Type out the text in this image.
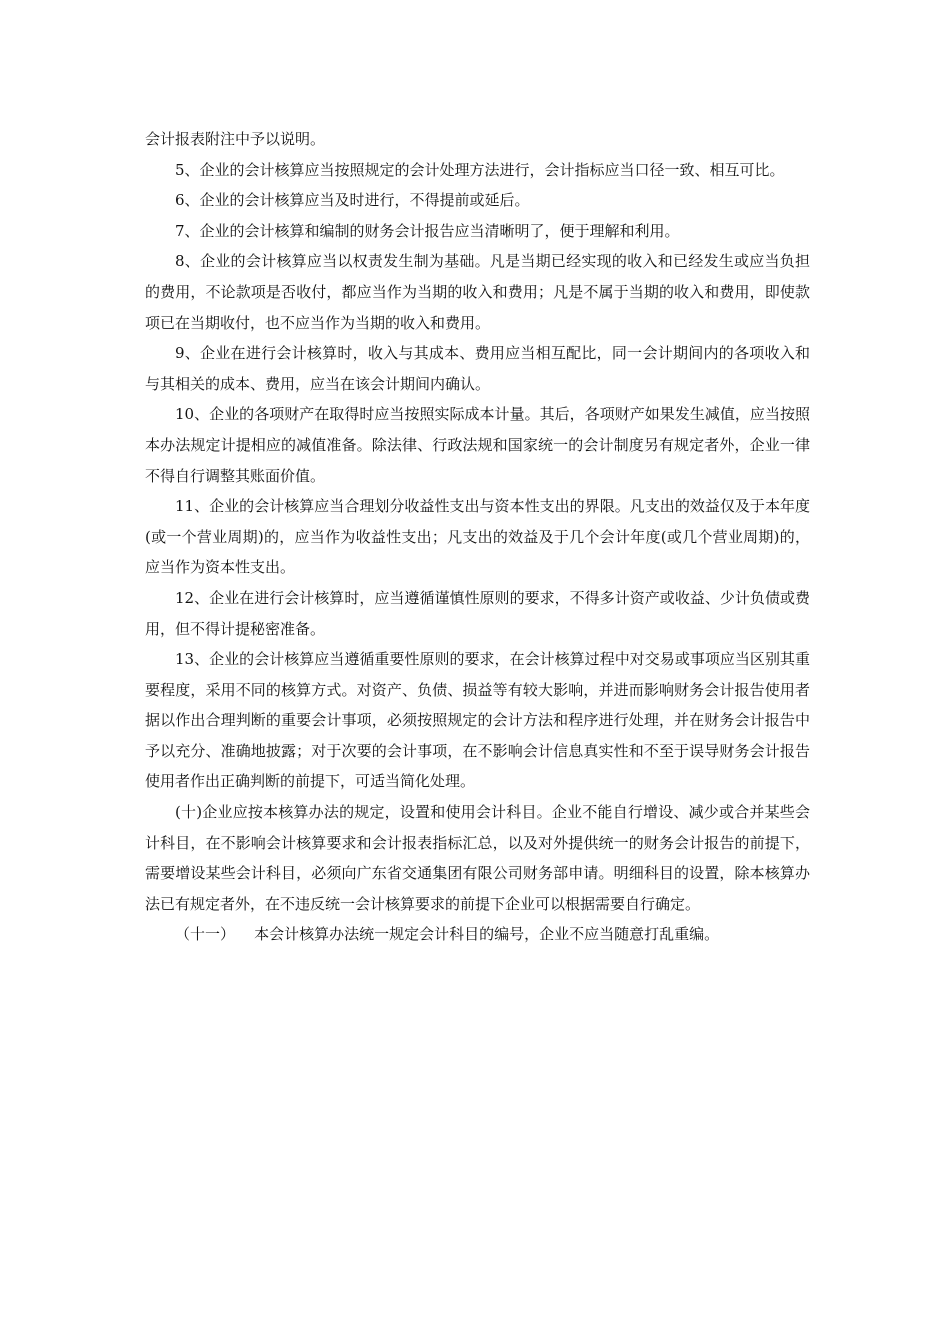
会计报表附注中予以说明。

5、企业的会计核算应当按照规定的会计处理方法进行，会计指标应当口径一致、相互可比。

6、企业的会计核算应当及时进行，不得提前或延后。

7、企业的会计核算和编制的财务会计报告应当清晰明了，便于理解和利用。

8、企业的会计核算应当以权责发生制为基础。凡是当期已经实现的收入和已经发生或应当负担的费用，不论款项是否收付，都应当作为当期的收入和费用；凡是不属于当期的收入和费用，即使款项已在当期收付，也不应当作为当期的收入和费用。

9、企业在进行会计核算时，收入与其成本、费用应当相互配比，同一会计期间内的各项收入和与其相关的成本、费用，应当在该会计期间内确认。

10、企业的各项财产在取得时应当按照实际成本计量。其后，各项财产如果发生减值，应当按照本办法规定计提相应的减值准备。除法律、行政法规和国家统一的会计制度另有规定者外，企业一律不得自行调整其账面价值。

11、企业的会计核算应当合理划分收益性支出与资本性支出的界限。凡支出的效益仅及于本年度(或一个营业周期)的，应当作为收益性支出；凡支出的效益及于几个会计年度(或几个营业周期)的，应当作为资本性支出。

12、企业在进行会计核算时，应当遵循谨慎性原则的要求，不得多计资产或收益、少计负债或费用，但不得计提秘密准备。

13、企业的会计核算应当遵循重要性原则的要求，在会计核算过程中对交易或事项应当区别其重要程度，采用不同的核算方式。对资产、负债、损益等有较大影响，并进而影响财务会计报告使用者据以作出合理判断的重要会计事项，必须按照规定的会计方法和程序进行处理，并在财务会计报告中予以充分、准确地披露；对于次要的会计事项，在不影响会计信息真实性和不至于误导财务会计报告使用者作出正确判断的前提下，可适当简化处理。

(十)企业应按本核算办法的规定，设置和使用会计科目。企业不能自行增设、减少或合并某些会计科目，在不影响会计核算要求和会计报表指标汇总，以及对外提供统一的财务会计报告的前提下，需要增设某些会计科目，必须向广东省交通集团有限公司财务部申请。明细科目的设置，除本核算办法已有规定者外，在不违反统一会计核算要求的前提下企业可以根据需要自行确定。

（十一）    本会计核算办法统一规定会计科目的编号，企业不应当随意打乱重编。
